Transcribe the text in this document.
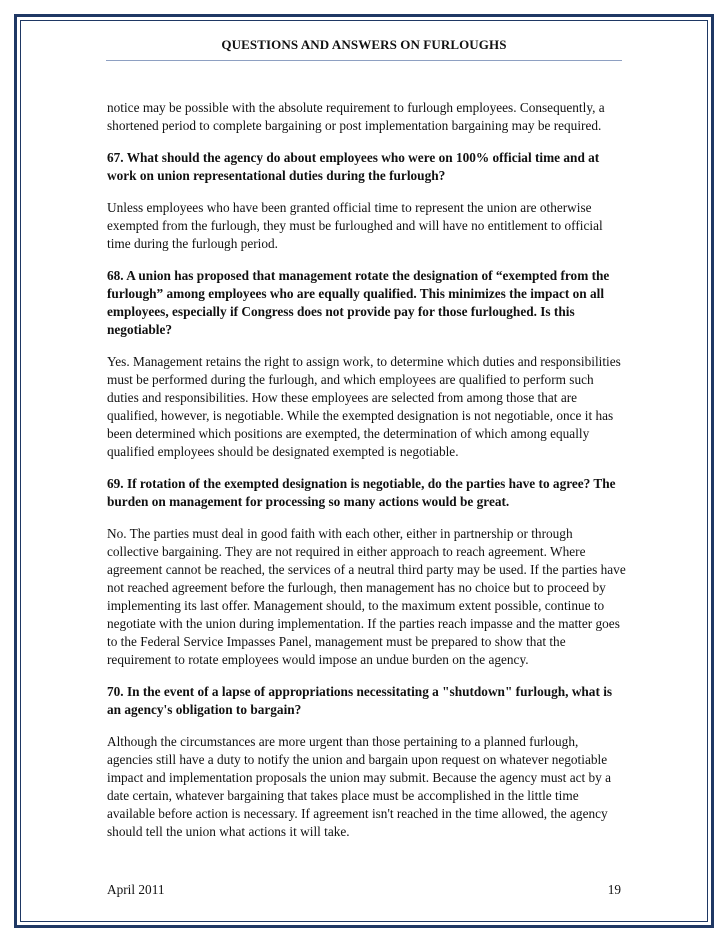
QUESTIONS AND ANSWERS ON FURLOUGHS

notice may be possible with the absolute requirement to furlough employees. Consequently, a shortened period to complete bargaining or post implementation bargaining may be required.

67. What should the agency do about employees who were on 100% official time and at work on union representational duties during the furlough?

Unless employees who have been granted official time to represent the union are otherwise exempted from the furlough, they must be furloughed and will have no entitlement to official time during the furlough period.

68. A union has proposed that management rotate the designation of “exempted from the furlough” among employees who are equally qualified. This minimizes the impact on all employees, especially if Congress does not provide pay for those furloughed. Is this negotiable?

Yes. Management retains the right to assign work, to determine which duties and responsibilities must be performed during the furlough, and which employees are qualified to perform such duties and responsibilities. How these employees are selected from among those that are qualified, however, is negotiable. While the exempted designation is not negotiable, once it has been determined which positions are exempted, the determination of which among equally qualified employees should be designated exempted is negotiable.

69. If rotation of the exempted designation is negotiable, do the parties have to agree? The burden on management for processing so many actions would be great.

No. The parties must deal in good faith with each other, either in partnership or through collective bargaining. They are not required in either approach to reach agreement. Where agreement cannot be reached, the services of a neutral third party may be used. If the parties have not reached agreement before the furlough, then management has no choice but to proceed by implementing its last offer. Management should, to the maximum extent possible, continue to negotiate with the union during implementation. If the parties reach impasse and the matter goes to the Federal Service Impasses Panel, management must be prepared to show that the requirement to rotate employees would impose an undue burden on the agency.

70. In the event of a lapse of appropriations necessitating a "shutdown" furlough, what is an agency's obligation to bargain?

Although the circumstances are more urgent than those pertaining to a planned furlough, agencies still have a duty to notify the union and bargain upon request on whatever negotiable impact and implementation proposals the union may submit. Because the agency must act by a date certain, whatever bargaining that takes place must be accomplished in the little time available before action is necessary. If agreement isn't reached in the time allowed, the agency should tell the union what actions it will take.

April 2011	19
